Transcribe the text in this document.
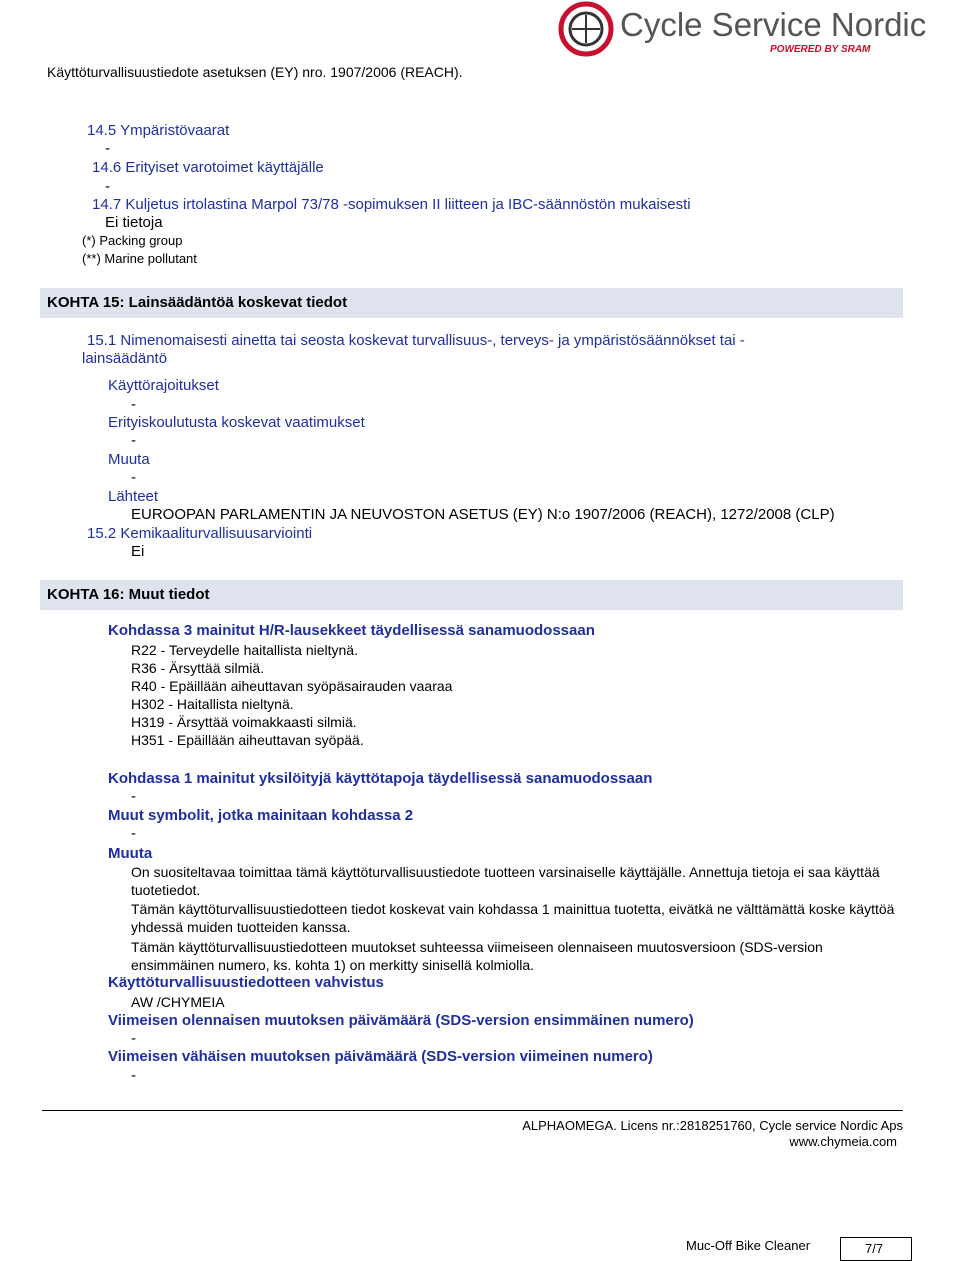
Käyttöturvallisuustiedote asetuksen (EY) nro. 1907/2006 (REACH).
Cycle Service Nordic
POWERED BY SRAM
14.5 Ympäristövaarat
-
14.6 Erityiset varotoimet käyttäjälle
-
14.7 Kuljetus irtolastina Marpol 73/78 -sopimuksen II liitteen ja IBC-säännöstön mukaisesti
Ei tietoja
(*) Packing group
(**) Marine pollutant
KOHTA 15: Lainsäädäntöä koskevat tiedot
15.1 Nimenomaisesti ainetta tai seosta koskevat turvallisuus-, terveys- ja ympäristösäännökset tai -
lainsäädäntö
Käyttörajoitukset
-
Erityiskoulutusta koskevat vaatimukset
-
Muuta
-
Lähteet
EUROOPAN PARLAMENTIN JA NEUVOSTON ASETUS (EY) N:o 1907/2006 (REACH), 1272/2008 (CLP)
15.2 Kemikaaliturvallisuusarviointi
Ei
KOHTA 16: Muut tiedot
Kohdassa 3 mainitut H/R-lausekkeet täydellisessä sanamuodossaan
R22 - Terveydelle haitallista nieltynä.
R36 - Ärsyttää silmiä.
R40 - Epäillään aiheuttavan syöpäsairauden vaaraa
H302 - Haitallista nieltynä.
H319 - Ärsyttää voimakkaasti silmiä.
H351 - Epäillään aiheuttavan syöpää.
Kohdassa 1 mainitut yksilöityjä käyttötapoja täydellisessä sanamuodossaan
-
Muut symbolit, jotka mainitaan kohdassa 2
-
Muuta
On suositeltavaa toimittaa tämä käyttöturvallisuustiedote tuotteen varsinaiselle käyttäjälle. Annettuja tietoja ei saa käyttää tuotetiedot.
Tämän käyttöturvallisuustiedotteen tiedot koskevat vain kohdassa 1 mainittua tuotetta, eivätkä ne välttämättä koske käyttöä yhdessä muiden tuotteiden kanssa.
Tämän käyttöturvallisuustiedotteen muutokset suhteessa viimeiseen olennaiseen muutosversioon (SDS-version ensimmäinen numero, ks. kohta 1) on merkitty sinisellä kolmiolla.
Käyttöturvallisuustiedotteen vahvistus
AW /CHYMEIA
Viimeisen olennaisen muutoksen päivämäärä (SDS-version ensimmäinen numero)
-
Viimeisen vähäisen muutoksen päivämäärä (SDS-version viimeinen numero)
-
ALPHAOMEGA. Licens nr.:2818251760, Cycle service Nordic Aps
www.chymeia.com
Muc-Off Bike Cleaner	7/7
